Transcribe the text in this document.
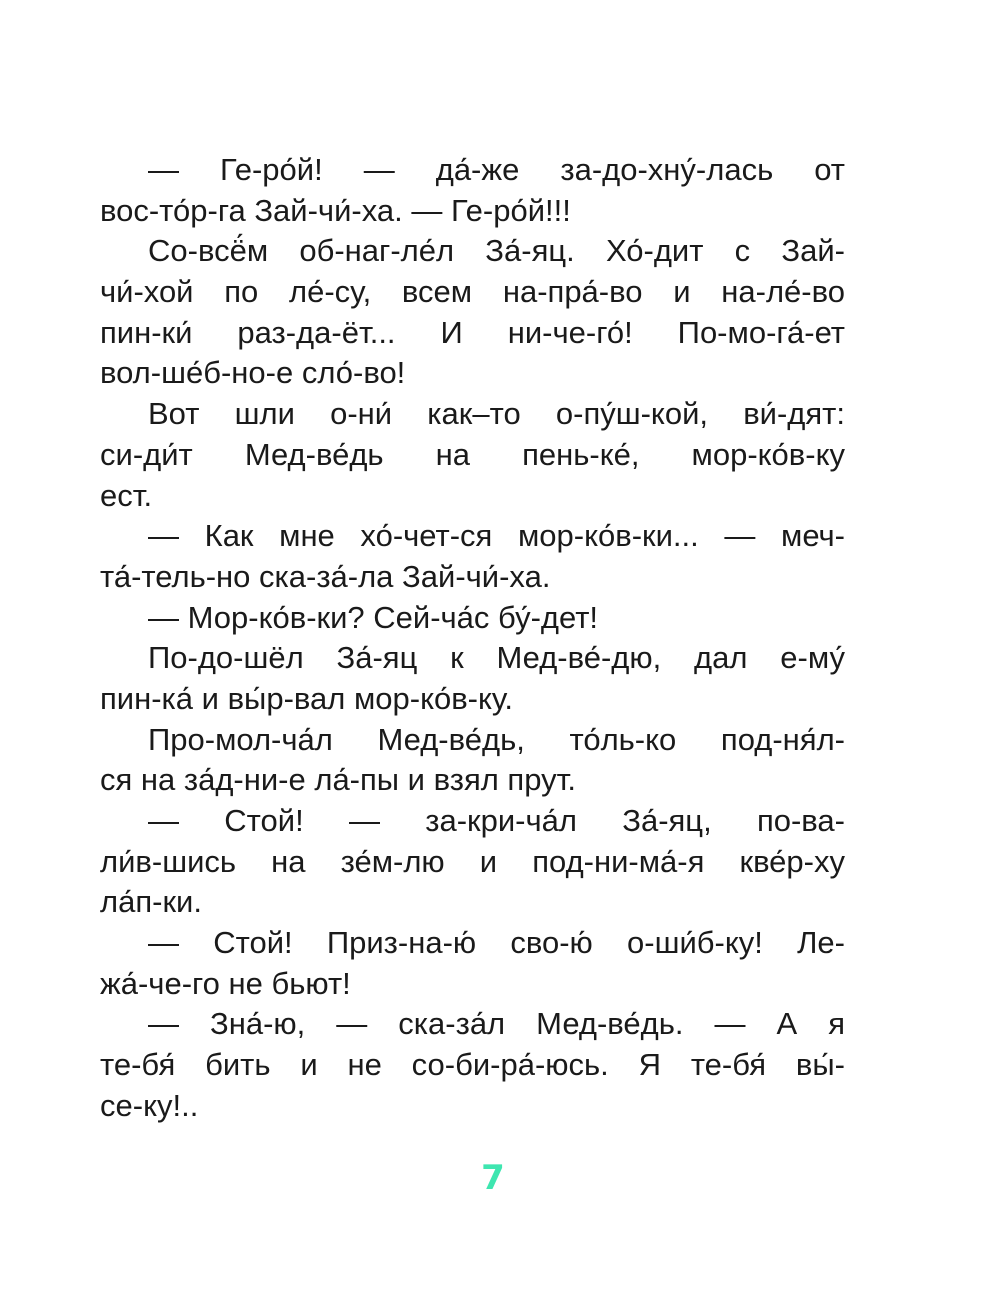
— Ге-ро́й! — да́-же за-до-хну́-лась от
вос-то́р-га Зай-чи́-ха. — Ге-ро́й!!!
Со-всё́м об-наг-ле́л За́-яц. Хо́-дит с Зай-
чи́-хой по ле́-су, всем на-пра́-во и на-ле́-во
пин-ки́ раз-да-ёт... И ни-че-го́! По-мо-га́-ет
вол-ше́б-но-е сло́-во!
Вот шли о-ни́ как–то о-пу́ш-кой, ви́-дят:
си-ди́т Мед-ве́дь на пень-ке́, мор-ко́в-ку
ест.
— Как мне хо́-чет-ся мор-ко́в-ки... — меч-
та́-тель-но ска-за́-ла Зай-чи́-ха.
— Мор-ко́в-ки? Сей-ча́с бу́-дет!
По-до-шёл За́-яц к Мед-ве́-дю, дал е-му́
пин-ка́ и вы́р-вал мор-ко́в-ку.
Про-мол-ча́л Мед-ве́дь, то́ль-ко под-ня́л-
ся на за́д-ни-е ла́-пы и взял прут.
— Стой! — за-кри-ча́л За́-яц, по-ва-
ли́в-шись на зе́м-лю и под-ни-ма́-я кве́р-ху
ла́п-ки.
— Стой! Приз-на-ю́ сво-ю́ о-ши́б-ку! Ле-
жа́-че-го не бьют!
— Зна́-ю, — ска-за́л Мед-ве́дь. — А я
те-бя́ бить и не со-би-ра́-юсь. Я те-бя́ вы́-
се-ку!..
7
